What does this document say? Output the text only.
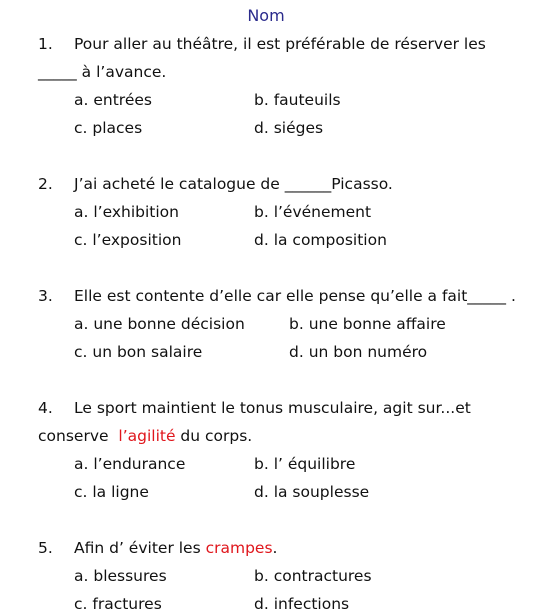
Nom
1. Pour aller au théâtre, il est préférable de réserver les
_____ à l’avance.
a. entrées	b. fauteuils
c. places	d. siéges
2. J’ai acheté le catalogue de ______Picasso.
a. l’exhibition	b. l’événement
c. l’exposition	d. la composition
3. Elle est contente d’elle car elle pense qu’elle a fait_____ .
a. une bonne décision	b. une bonne affaire
c. un bon salaire	d. un bon numéro
4. Le sport maintient le tonus musculaire, agit sur...et
conserve  l’agilité du corps.
a. l’endurance	b. l’ équilibre
c. la ligne	d. la souplesse
5. Afin d’ éviter les crampes.
a. blessures	b. contractures
c. fractures	d. infections
